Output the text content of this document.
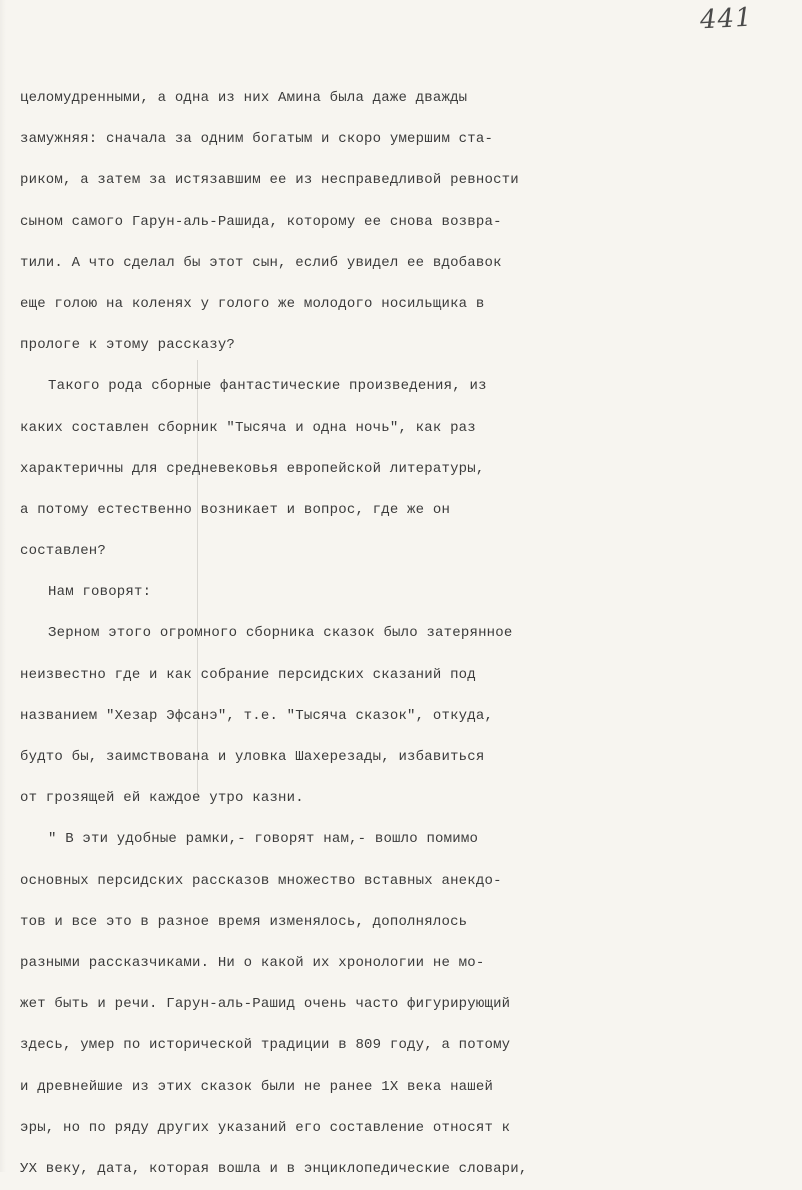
441
целомудренными, а одна из них Амина была даже дважды
замужняя: сначала за одним богатым и скоро умершим ста-
риком, а затем за истязавшим ее из несправедливой ревности
сыном самого Гарун-аль-Рашида, которому ее снова возвра-
тили. А что сделал бы этот сын, еслиб увидел ее вдобавок
еще голою на коленях у голого же молодого носильщика в
прологе к этому рассказу?
Такого рода сборные фантастические произведения, из
каких составлен сборник "Тысяча и одна ночь", как раз
характеричны для средневековья европейской литературы,
а потому естественно возникает и вопрос, где же он
составлен?
Нам говорят:
Зерном этого огромного сборника сказок было затерянное
неизвестно где и как собрание персидских сказаний под
названием "Хезар Эфсанэ", т.е. "Тысяча сказок", откуда,
будто бы, заимствована и уловка Шахерезады, избавиться
от грозящей ей каждое утро казни.
" В эти удобные рамки,- говорят нам,- вошло помимо
основных персидских рассказов множество вставных анекдо-
тов и все это в разное время изменялось, дополнялось
разными рассказчиками. Ни о какой их хронологии не мо-
жет быть и речи. Гарун-аль-Рашид очень часто фигурирующий
здесь, умер по исторической традиции в 809 году, а потому
и древнейшие из этих сказок были не ранее 1Х века нашей
эры, но по ряду других указаний его составление относят к
УХ веку, дата, которая вошла и в энциклопедические словари,
